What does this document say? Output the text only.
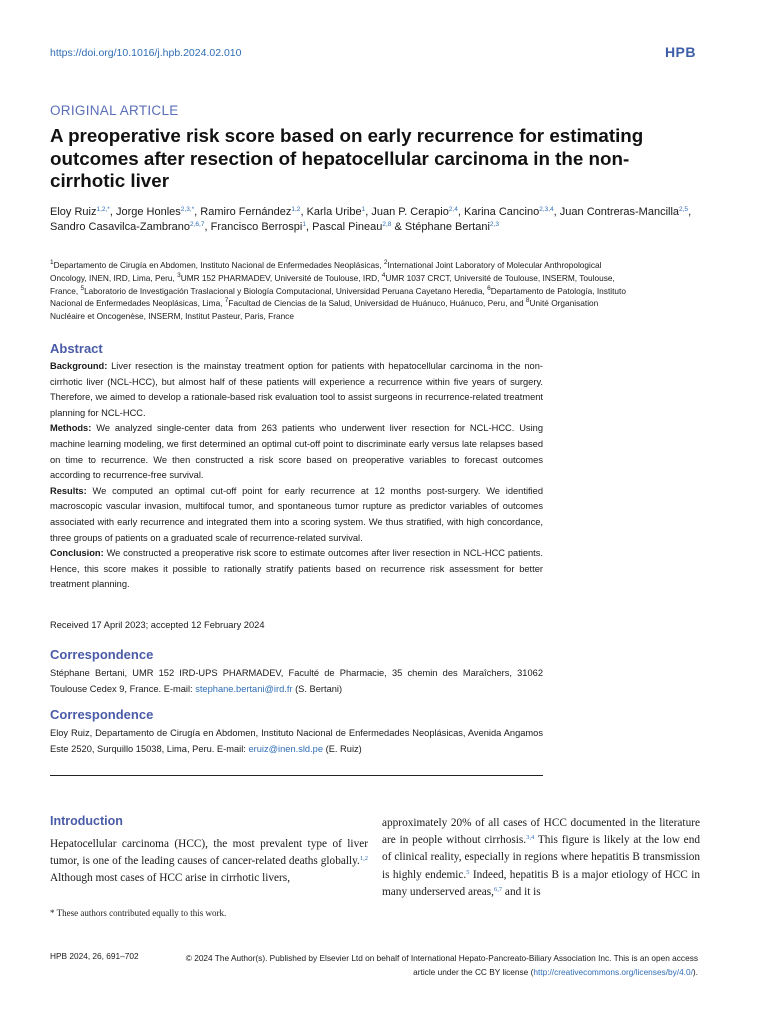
https://doi.org/10.1016/j.hpb.2024.02.010	HPB
ORIGINAL ARTICLE
A preoperative risk score based on early recurrence for estimating outcomes after resection of hepatocellular carcinoma in the non-cirrhotic liver
Eloy Ruiz$^{1,2,*}$, Jorge Honles$^{2,3,*}$, Ramiro Fernández$^{1,2}$, Karla Uribe$^1$, Juan P. Cerapio$^{2,4}$, Karina Cancino$^{2,3,4}$, Juan Contreras-Mancilla$^{2,5}$, Sandro Casavilca-Zambrano$^{2,6,7}$, Francisco Berrospi$^1$, Pascal Pineau$^{2,8}$ & Stéphane Bertani$^{2,3}$
$^1$Departamento de Cirugía en Abdomen, Instituto Nacional de Enfermedades Neoplásicas, $^2$International Joint Laboratory of Molecular Anthropological Oncology, INEN, IRD, Lima, Peru, $^3$UMR 152 PHARMADEV, Université de Toulouse, IRD, $^4$UMR 1037 CRCT, Université de Toulouse, INSERM, Toulouse, France, $^5$Laboratorio de Investigación Traslacional y Biología Computacional, Universidad Peruana Cayetano Heredia, $^6$Departamento de Patología, Instituto Nacional de Enfermedades Neoplásicas, Lima, $^7$Facultad de Ciencias de la Salud, Universidad de Huánuco, Huánuco, Peru, and $^8$Unité Organisation Nucléaire et Oncogenèse, INSERM, Institut Pasteur, Paris, France
Abstract

Background: Liver resection is the mainstay treatment option for patients with hepatocellular carcinoma in the non-cirrhotic liver (NCL-HCC), but almost half of these patients will experience a recurrence within five years of surgery. Therefore, we aimed to develop a rationale-based risk evaluation tool to assist surgeons in recurrence-related treatment planning for NCL-HCC.

Methods: We analyzed single-center data from 263 patients who underwent liver resection for NCL-HCC. Using machine learning modeling, we first determined an optimal cut-off point to discriminate early versus late relapses based on time to recurrence. We then constructed a risk score based on preoperative variables to forecast outcomes according to recurrence-free survival.

Results: We computed an optimal cut-off point for early recurrence at 12 months post-surgery. We identified macroscopic vascular invasion, multifocal tumor, and spontaneous tumor rupture as predictor variables of outcomes associated with early recurrence and integrated them into a scoring system. We thus stratified, with high concordance, three groups of patients on a graduated scale of recurrence-related survival.

Conclusion: We constructed a preoperative risk score to estimate outcomes after liver resection in NCL-HCC patients. Hence, this score makes it possible to rationally stratify patients based on recurrence risk assessment for better treatment planning.

Received 17 April 2023; accepted 12 February 2024
Correspondence
Stéphane Bertani, UMR 152 IRD-UPS PHARMADEV, Faculté de Pharmacie, 35 chemin des Maraîchers, 31062 Toulouse Cedex 9, France. E-mail: stephane.bertani@ird.fr (S. Bertani)
Correspondence
Eloy Ruiz, Departamento de Cirugía en Abdomen, Instituto Nacional de Enfermedades Neoplásicas, Avenida Angamos Este 2520, Surquillo 15038, Lima, Peru. E-mail: eruiz@inen.sld.pe (E. Ruiz)
Introduction
Hepatocellular carcinoma (HCC), the most prevalent type of liver tumor, is one of the leading causes of cancer-related deaths globally.$^{1,2}$ Although most cases of HCC arise in cirrhotic livers,
approximately 20% of all cases of HCC documented in the literature are in people without cirrhosis.$^{3,4}$ This figure is likely at the low end of clinical reality, especially in regions where hepatitis B transmission is highly endemic.$^5$ Indeed, hepatitis B is a major etiology of HCC in many underserved areas,$^{6,7}$ and it is
* These authors contributed equally to this work.
HPB 2024, 26, 691–702	© 2024 The Author(s). Published by Elsevier Ltd on behalf of International Hepato-Pancreato-Biliary Association Inc. This is an open access article under the CC BY license (http://creativecommons.org/licenses/by/4.0/).
